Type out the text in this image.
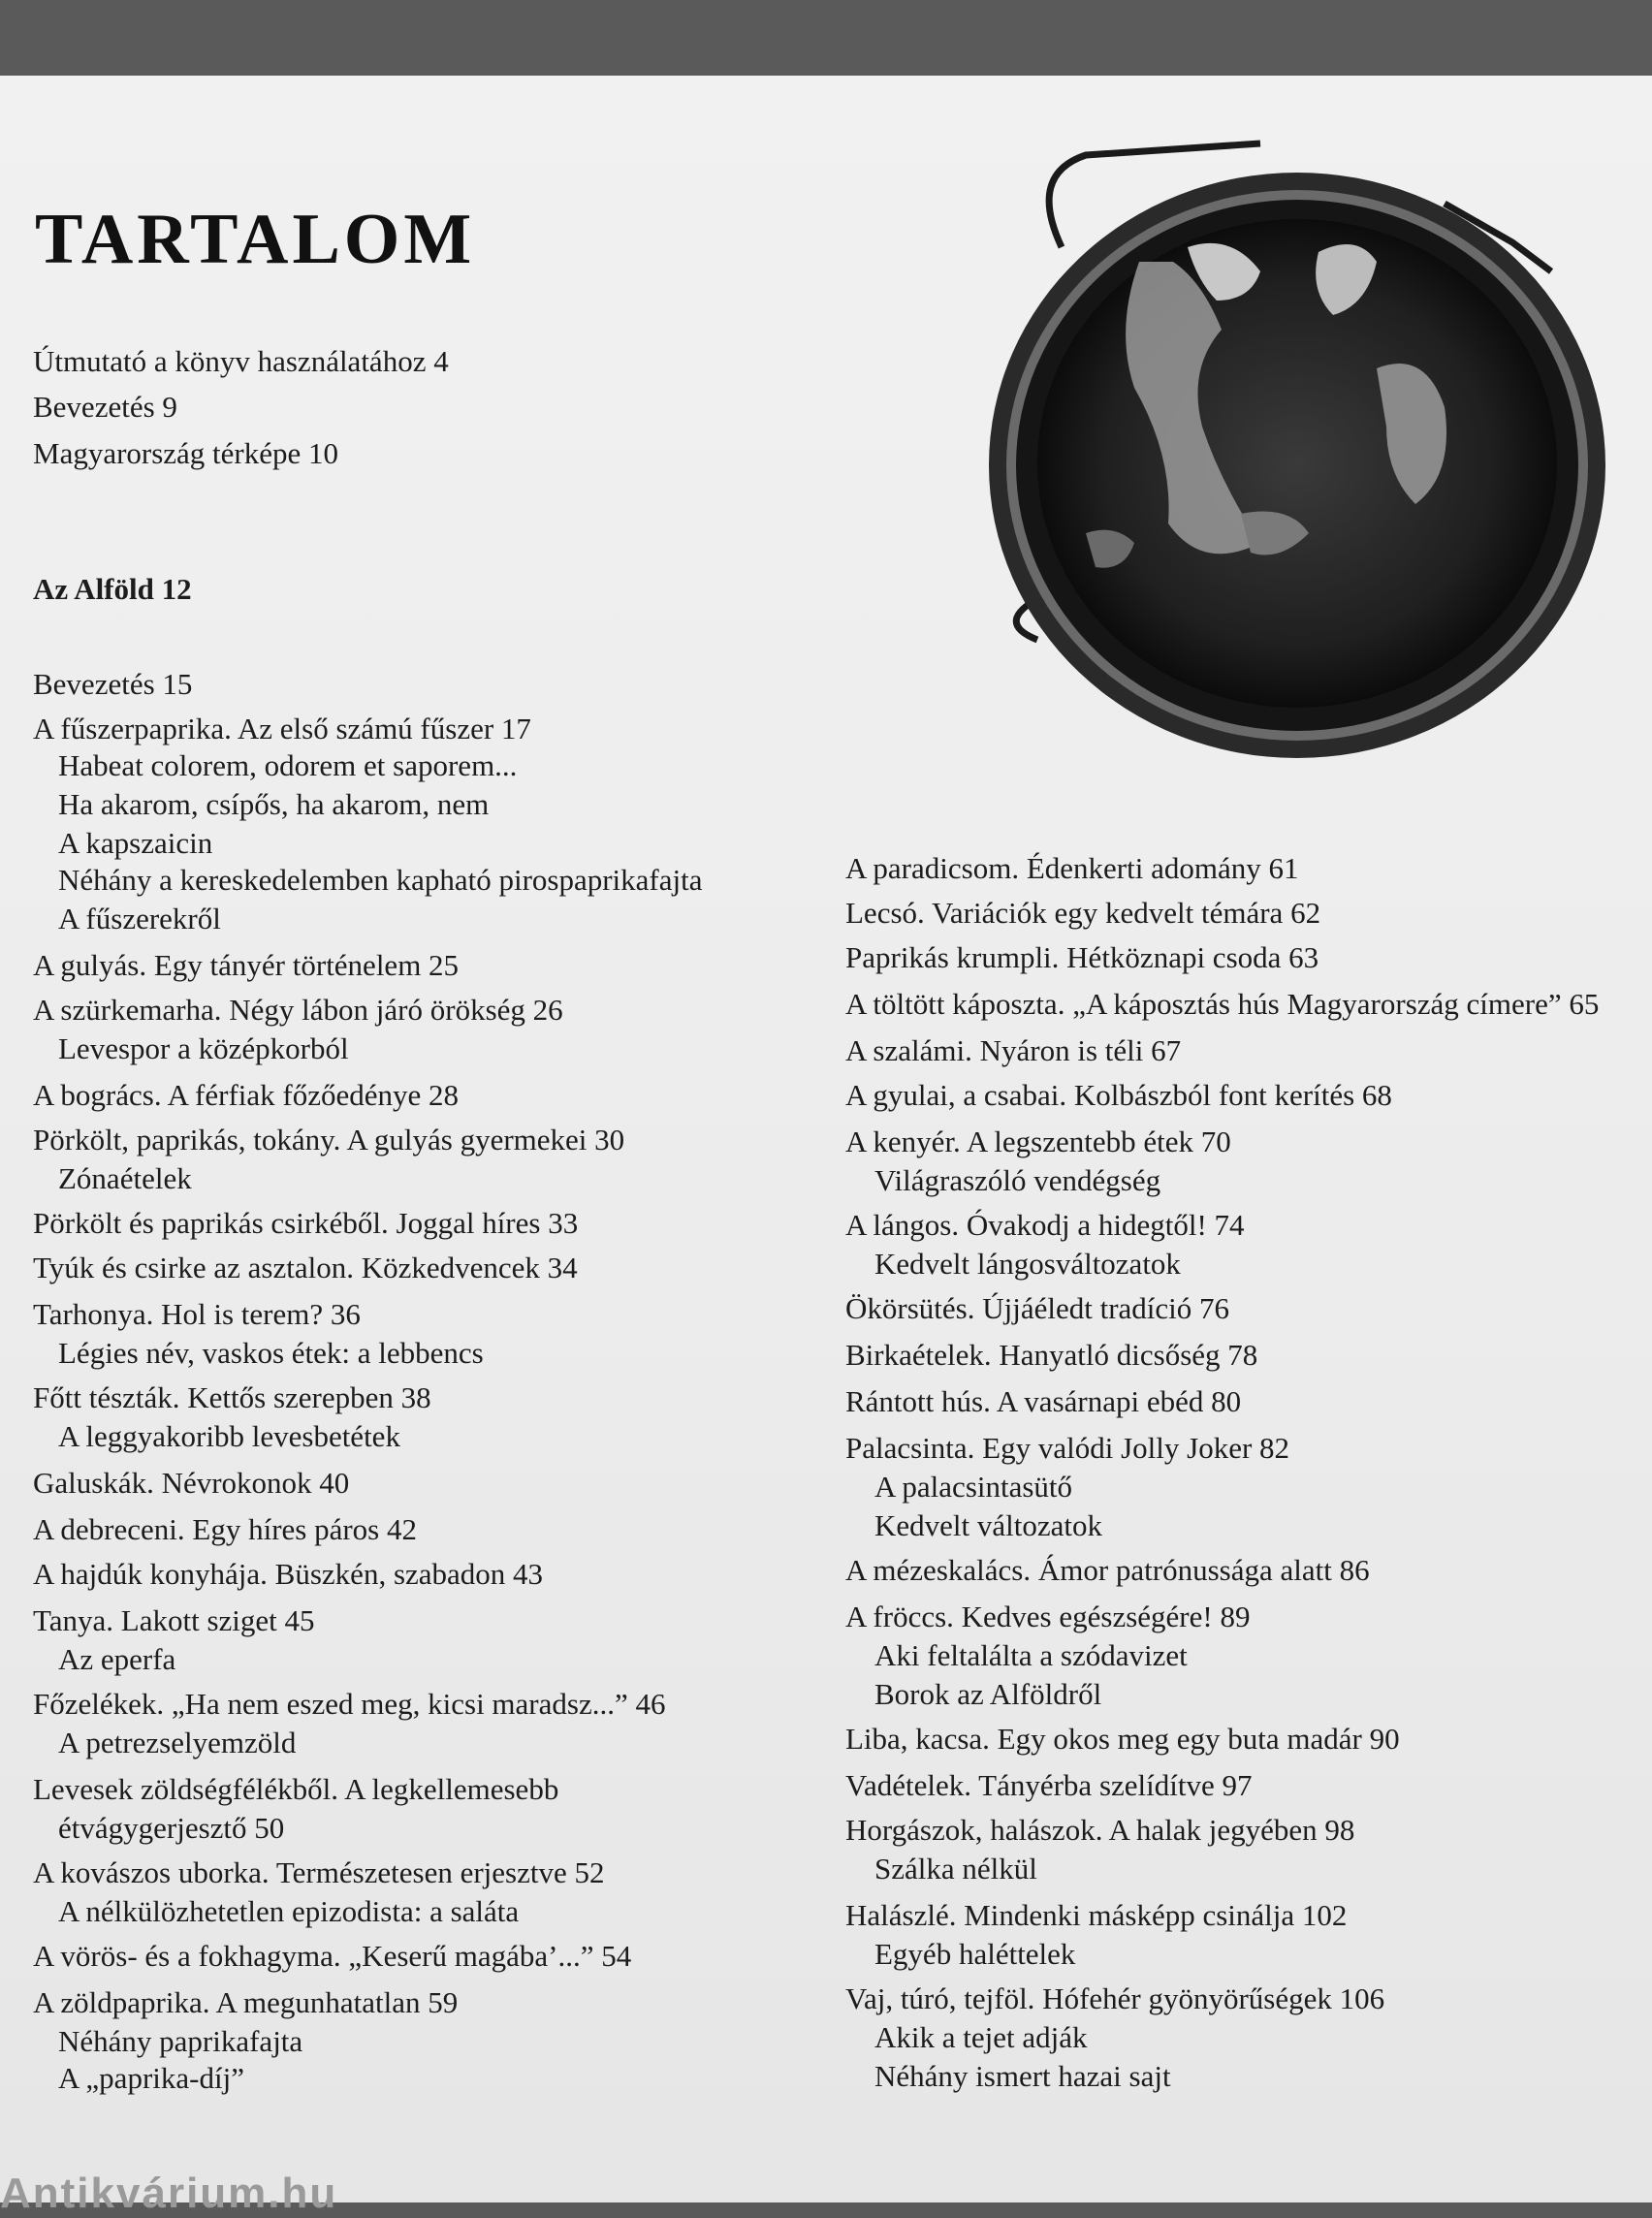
TARTALOM
Útmutató a könyv használatához 4
Bevezetés 9
Magyarország térképe 10
Az Alföld 12
Bevezetés 15
A fűszerpaprika. Az első számú fűszer 17
Habeat colorem, odorem et saporem...
Ha akarom, csípős, ha akarom, nem
A kapszaicin
Néhány a kereskedelemben kapható pirospaprikafajta
A fűszerekről
A gulyás. Egy tányér történelem 25
A szürkemarha. Négy lábon járó örökség 26
Levespor a középkorból
A bogrács. A férfiak főzőedénye 28
Pörkölt, paprikás, tokány. A gulyás gyermekei 30
Zónaételek
Pörkölt és paprikás csirkéből. Joggal híres 33
Tyúk és csirke az asztalon. Közkedvencek 34
Tarhonya. Hol is terem? 36
Légies név, vaskos étek: a lebbencs
Főtt tészták. Kettős szerepben 38
A leggyakoribb levesbetétek
Galuskák. Névrokonok 40
A debreceni. Egy híres páros 42
A hajdúk konyhája. Büszkén, szabadon 43
Tanya. Lakott sziget 45
Az eperfa
Főzelékek. „Ha nem eszed meg, kicsi maradsz...” 46
A petrezselyemzöld
Levesek zöldségfélékből. A legkellemesebb
étvágygerjesztő 50
A kovászos uborka. Természetesen erjesztve 52
A nélkülözhetetlen epizodista: a saláta
A vörös- és a fokhagyma. „Keserű magába’...” 54
A zöldpaprika. A megunhatatlan 59
Néhány paprikafajta
A „paprika-díj”
A paradicsom. Édenkerti adomány 61
Lecsó. Variációk egy kedvelt témára 62
Paprikás krumpli. Hétköznapi csoda 63
A töltött káposzta. „A káposztás hús Magyarország címere” 65
A szalámi. Nyáron is téli 67
A gyulai, a csabai. Kolbászból font kerítés 68
A kenyér. A legszentebb étek 70
Világraszóló vendégség
A lángos. Óvakodj a hidegtől! 74
Kedvelt lángosváltozatok
Ökörsütés. Újjáéledt tradíció 76
Birkaételek. Hanyatló dicsőség 78
Rántott hús. A vasárnapi ebéd 80
Palacsinta. Egy valódi Jolly Joker 82
A palacsintasütő
Kedvelt változatok
A mézeskalács. Ámor patrónussága alatt 86
A fröccs. Kedves egészségére! 89
Aki feltalálta a szódavizet
Borok az Alföldről
Liba, kacsa. Egy okos meg egy buta madár 90
Vadételek. Tányérba szelídítve 97
Horgászok, halászok. A halak jegyében 98
Szálka nélkül
Halászlé. Mindenki másképp csinálja 102
Egyéb haléttelek
Vaj, túró, tejföl. Hófehér gyönyörűségek 106
Akik a tejet adják
Néhány ismert hazai sajt
Antikvárium.hu
